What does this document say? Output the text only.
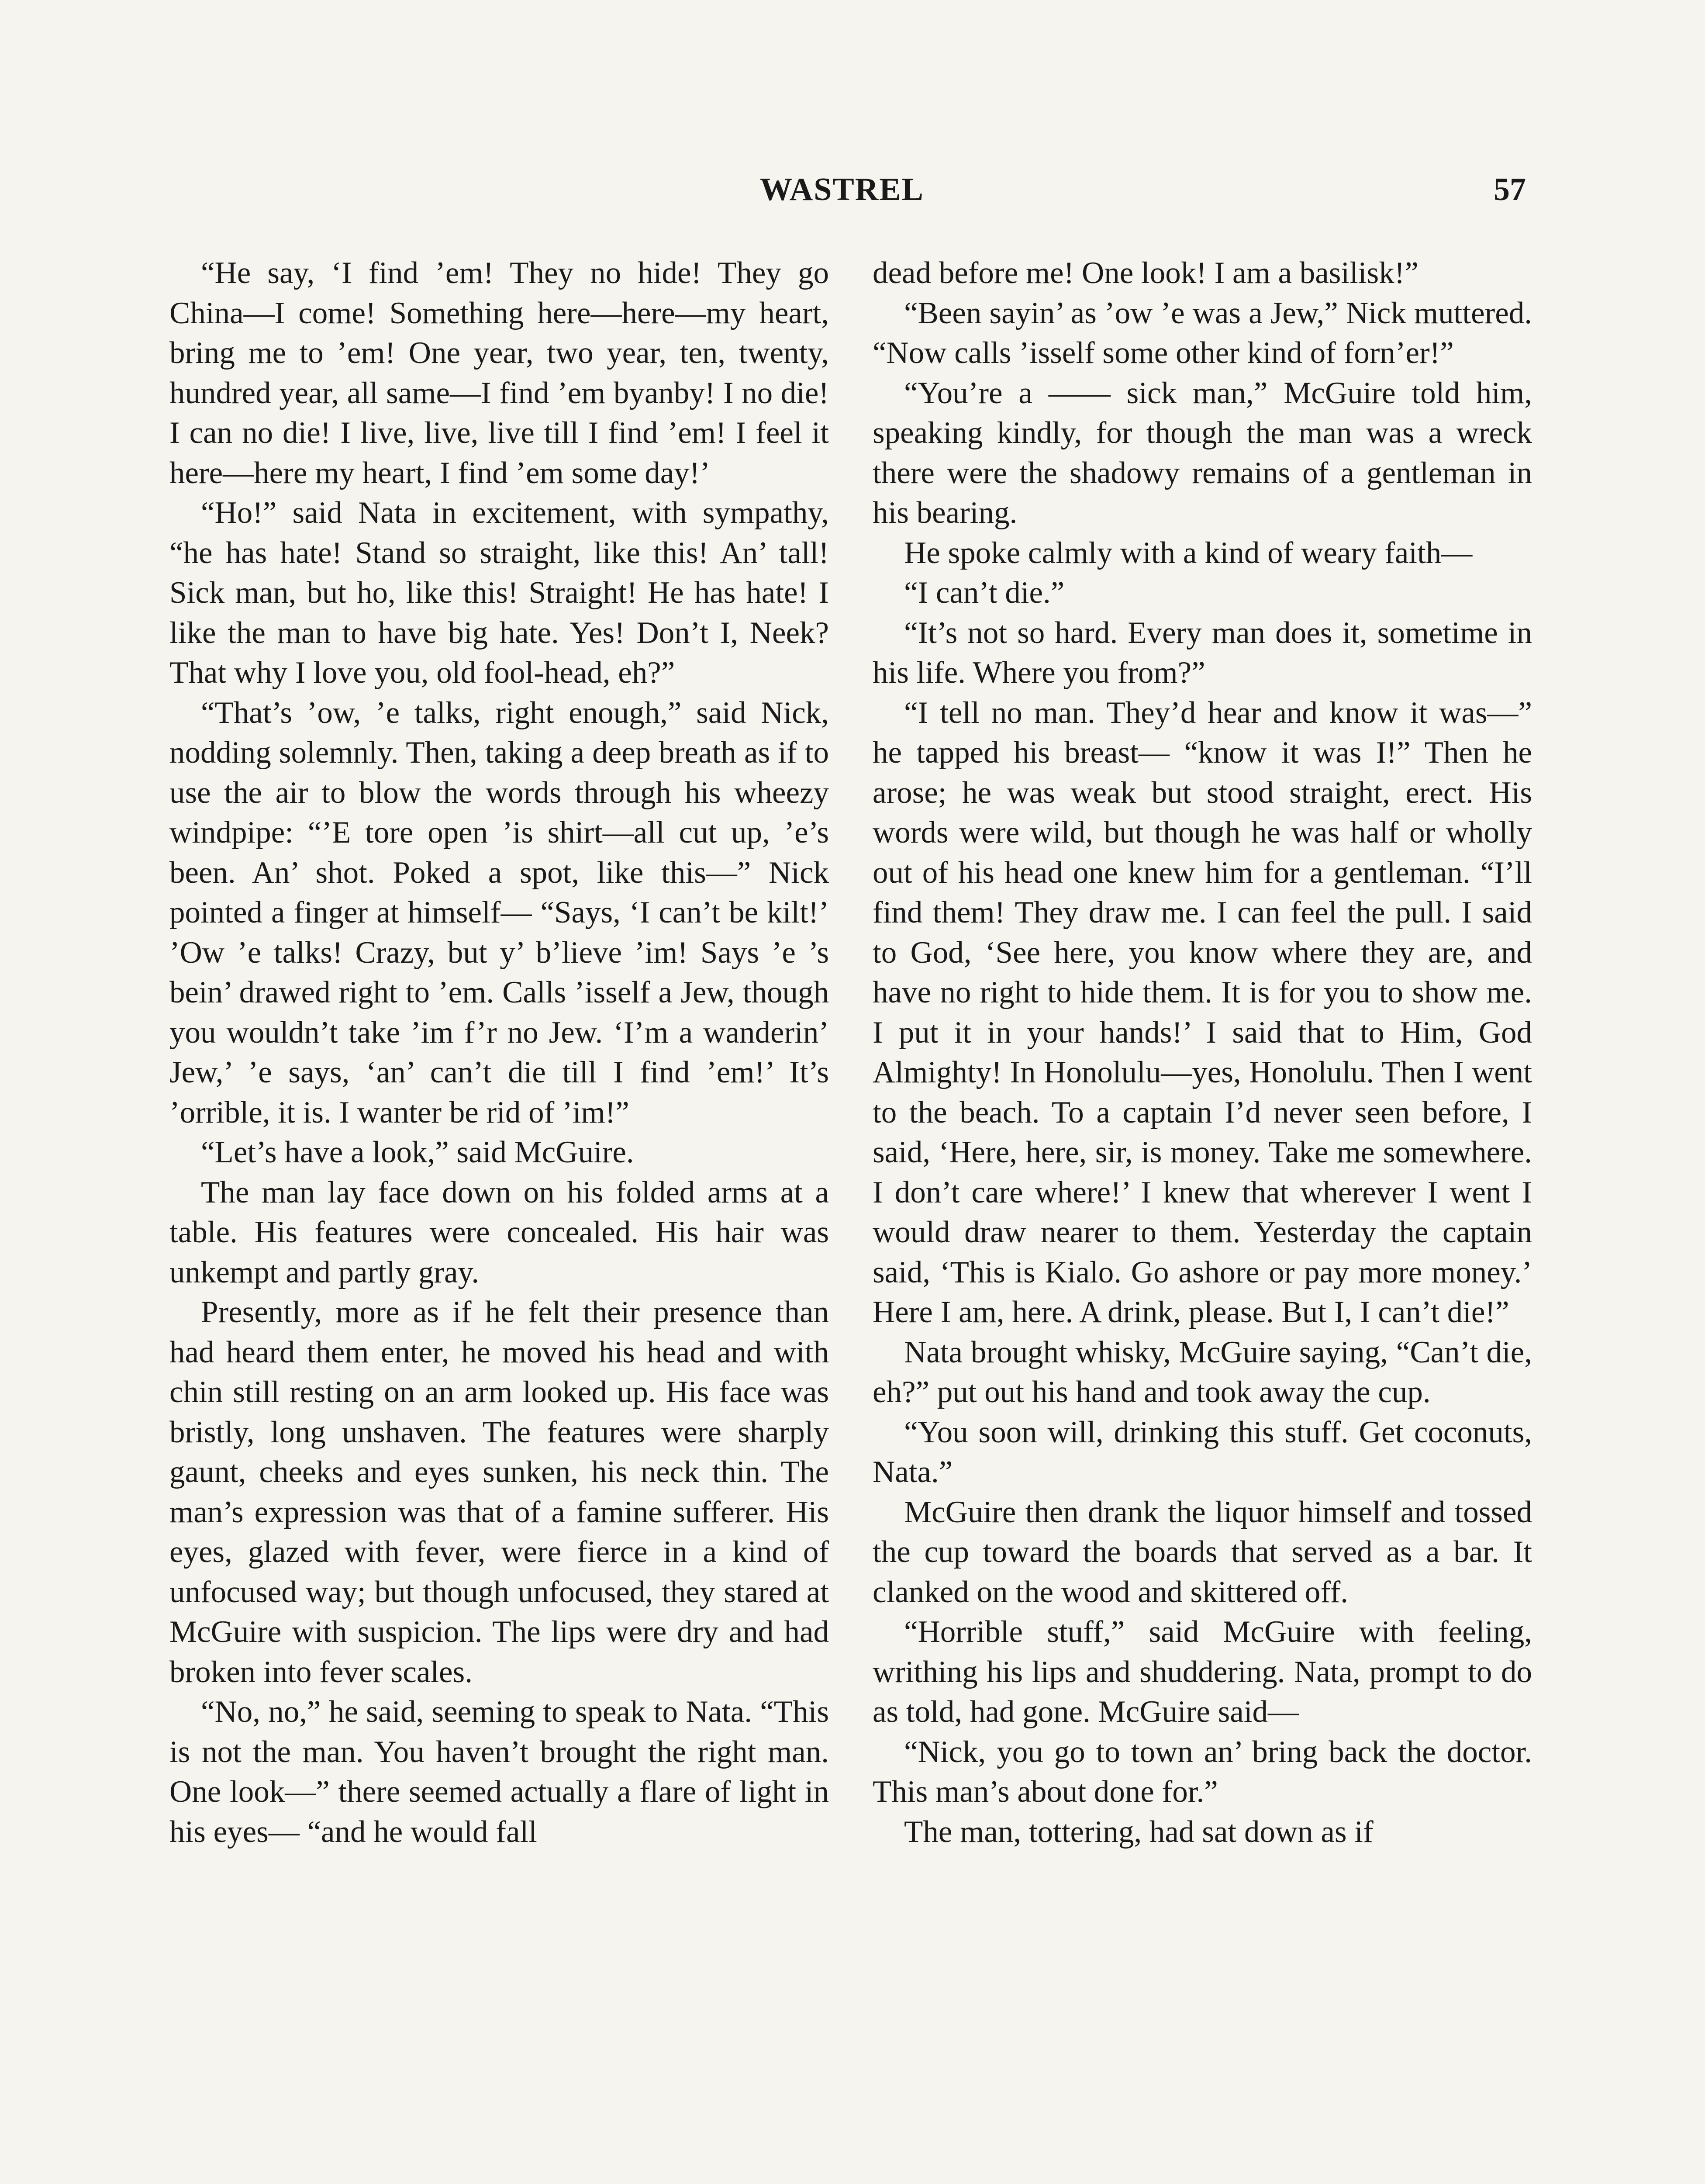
WASTREL	57

“He say, ‘I find ’em! They no hide! They go China—I come! Something here—here—my heart, bring me to ’em! One year, two year, ten, twenty, hundred year, all same—I find ’em byanby! I no die! I can no die! I live, live, live till I find ’em! I feel it here—here my heart, I find ’em some day!’

“Ho!” said Nata in excitement, with sympathy, “he has hate! Stand so straight, like this! An’ tall! Sick man, but ho, like this! Straight! He has hate! I like the man to have big hate. Yes! Don’t I, Neek? That why I love you, old fool-head, eh?”

“That’s ’ow, ’e talks, right enough,” said Nick, nodding solemnly. Then, taking a deep breath as if to use the air to blow the words through his wheezy windpipe: “’E tore open ’is shirt—all cut up, ’e’s been. An’ shot. Poked a spot, like this—” Nick pointed a finger at himself— “Says, ‘I can’t be kilt!’ ’Ow ’e talks! Crazy, but y’ b’lieve ’im! Says ’e ’s bein’ drawed right to ’em. Calls ’isself a Jew, though you wouldn’t take ’im f’r no Jew. ‘I’m a wanderin’ Jew,’ ’e says, ‘an’ can’t die till I find ’em!’ It’s ’orrible, it is. I wanter be rid of ’im!”

“Let’s have a look,” said McGuire.

The man lay face down on his folded arms at a table. His features were concealed. His hair was unkempt and partly gray.

Presently, more as if he felt their presence than had heard them enter, he moved his head and with chin still resting on an arm looked up. His face was bristly, long unshaven. The features were sharply gaunt, cheeks and eyes sunken, his neck thin. The man’s expression was that of a famine sufferer. His eyes, glazed with fever, were fierce in a kind of unfocused way; but though unfocused, they stared at McGuire with suspicion. The lips were dry and had broken into fever scales.

“No, no,” he said, seeming to speak to Nata. “This is not the man. You haven’t brought the right man. One look—” there seemed actually a flare of light in his eyes— “and he would fall

dead before me! One look! I am a basilisk!”

“Been sayin’ as ’ow ’e was a Jew,” Nick muttered. “Now calls ’isself some other kind of forn’er!”

“You’re a —— sick man,” McGuire told him, speaking kindly, for though the man was a wreck there were the shadowy remains of a gentleman in his bearing.

He spoke calmly with a kind of weary faith—

“I can’t die.”

“It’s not so hard. Every man does it, sometime in his life. Where you from?”

“I tell no man. They’d hear and know it was—” he tapped his breast— “know it was I!” Then he arose; he was weak but stood straight, erect. His words were wild, but though he was half or wholly out of his head one knew him for a gentleman. “I’ll find them! They draw me. I can feel the pull. I said to God, ‘See here, you know where they are, and have no right to hide them. It is for you to show me. I put it in your hands!’ I said that to Him, God Almighty! In Honolulu—yes, Honolulu. Then I went to the beach. To a captain I’d never seen before, I said, ‘Here, here, sir, is money. Take me somewhere. I don’t care where!’ I knew that wherever I went I would draw nearer to them. Yesterday the captain said, ‘This is Kialo. Go ashore or pay more money.’ Here I am, here. A drink, please. But I, I can’t die!”

Nata brought whisky, McGuire saying, “Can’t die, eh?” put out his hand and took away the cup.

“You soon will, drinking this stuff. Get coconuts, Nata.”

McGuire then drank the liquor himself and tossed the cup toward the boards that served as a bar. It clanked on the wood and skittered off.

“Horrible stuff,” said McGuire with feeling, writhing his lips and shuddering. Nata, prompt to do as told, had gone. McGuire said—

“Nick, you go to town an’ bring back the doctor. This man’s about done for.”

The man, tottering, had sat down as if
